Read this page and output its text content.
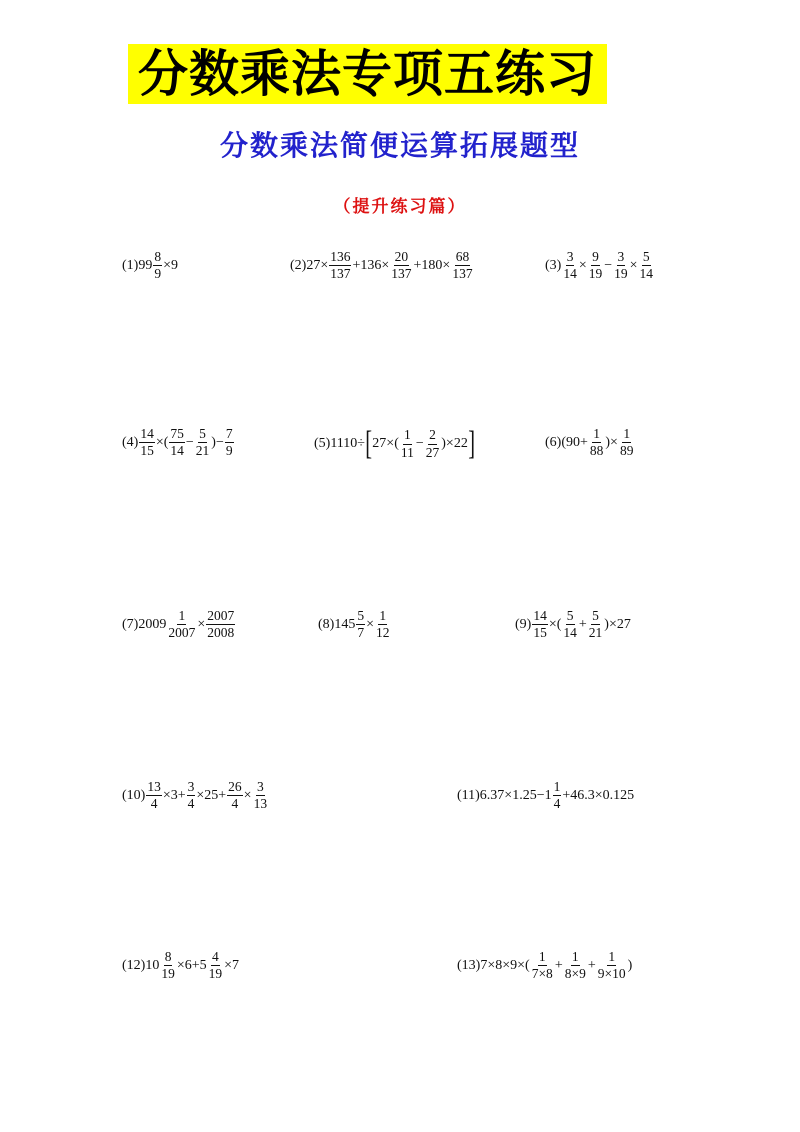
分数乘法专项五练习
分数乘法简便运算拓展题型
（提升练习篇）
$(1)99 \frac{8}{9} \times 9$	$(2)27\times \frac{136}{137} +136\times \frac{20}{137} +180\times \frac{68}{137}$	$(3) \frac{3}{14} \times \frac{9}{19} - \frac{3}{19} \times \frac{5}{14}$
$(4) \frac{14}{15}$ ×( $\frac{75}{14} - \frac{5}{21}$ )− $\frac{7}{9}$	(5)1110÷ [ $27\times( \frac{1}{11} - \frac{2}{27} )\times 22$ ]	$(6)(90+ \frac{1}{88}$ )× $\frac{1}{89}$
$(7)2009 \frac{1}{2007} \times \frac{2007}{2008}$	$(8)145 \frac{5}{7} \times \frac{1}{12}$	$(9) \frac{14}{15}$ ×( $\frac{5}{14} + \frac{5}{21} )\times 27$
$(10) \frac{13}{4} \times 3+ \frac{3}{4} \times 25+ \frac{26}{4} \times \frac{3}{13}$	$(11)6.37\times 1.25-1 \frac{1}{4} +46.3\times 0.125$
$(12)10 \frac{8}{19} \times 6+5 \frac{4}{19} \times 7$	$(13)7\times 8\times 9\times( \frac{1}{7\times 8} + \frac{1}{8\times 9} + \frac{1}{9\times 10}$ )
